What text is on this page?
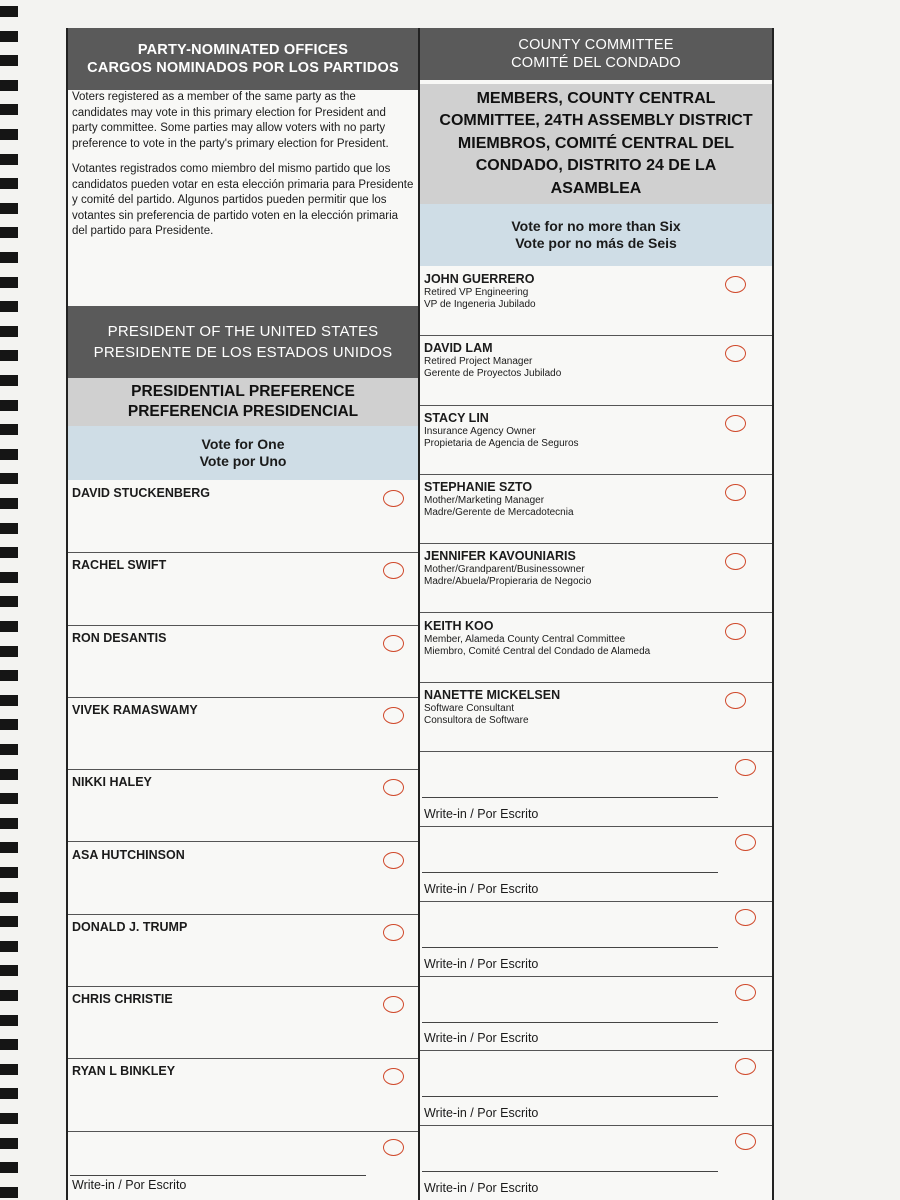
PARTY-NOMINATED OFFICES
CARGOS NOMINADOS POR LOS PARTIDOS

Voters registered as a member of the same party as the candidates may vote in this primary election for President and party committee. Some parties may allow voters with no party preference to vote in the party's primary election for President.

Votantes registrados como miembro del mismo partido que los candidatos pueden votar en esta elección primaria para Presidente y comité del partido. Algunos partidos pueden permitir que los votantes sin preferencia de partido voten en la elección primaria del partido para Presidente.

PRESIDENT OF THE UNITED STATES
PRESIDENTE DE LOS ESTADOS UNIDOS
PRESIDENTIAL PREFERENCE
PREFERENCIA PRESIDENCIAL
Vote for One
Vote por Uno
DAVID STUCKENBERG
RACHEL SWIFT
RON DESANTIS
VIVEK RAMASWAMY
NIKKI HALEY
ASA HUTCHINSON
DONALD J. TRUMP
CHRIS CHRISTIE
RYAN L BINKLEY
Write-in / Por Escrito
COUNTY COMMITTEE
COMITÉ DEL CONDADO
MEMBERS, COUNTY CENTRAL
COMMITTEE, 24TH ASSEMBLY DISTRICT
MIEMBROS, COMITÉ CENTRAL DEL
CONDADO, DISTRITO 24 DE LA
ASAMBLEA
Vote for no more than Six
Vote por no más de Seis
JOHN GUERRERO
Retired VP Engineering
VP de Ingeneria Jubilado
DAVID LAM
Retired Project Manager
Gerente de Proyectos Jubilado
STACY LIN
Insurance Agency Owner
Propietaria de Agencia de Seguros
STEPHANIE SZTO
Mother/Marketing Manager
Madre/Gerente de Mercadotecnia
JENNIFER KAVOUNIARIS
Mother/Grandparent/Businessowner
Madre/Abuela/Propieraria de Negocio
KEITH KOO
Member, Alameda County Central Committee
Miembro, Comité Central del Condado de Alameda
NANETTE MICKELSEN
Software Consultant
Consultora de Software
Write-in / Por Escrito
Write-in / Por Escrito
Write-in / Por Escrito
Write-in / Por Escrito
Write-in / Por Escrito
Write-in / Por Escrito
